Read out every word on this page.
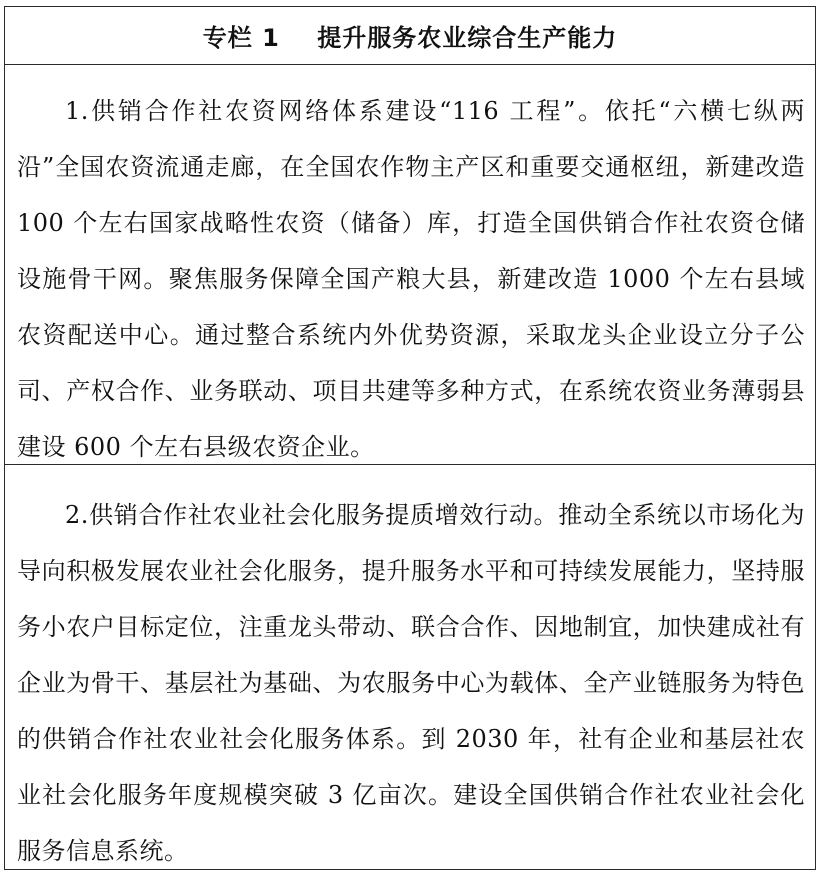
专栏 1    提升服务农业综合生产能力

1.供销合作社农资网络体系建设“116 工程”。依托“六横七纵两沿”全国农资流通走廊，在全国农作物主产区和重要交通枢纽，新建改造 100 个左右国家战略性农资（储备）库，打造全国供销合作社农资仓储设施骨干网。聚焦服务保障全国产粮大县，新建改造 1000 个左右县域农资配送中心。通过整合系统内外优势资源，采取龙头企业设立分子公司、产权合作、业务联动、项目共建等多种方式，在系统农资业务薄弱县建设 600 个左右县级农资企业。

2.供销合作社农业社会化服务提质增效行动。推动全系统以市场化为导向积极发展农业社会化服务，提升服务水平和可持续发展能力，坚持服务小农户目标定位，注重龙头带动、联合合作、因地制宜，加快建成社有企业为骨干、基层社为基础、为农服务中心为载体、全产业链服务为特色的供销合作社农业社会化服务体系。到 2030 年，社有企业和基层社农业社会化服务年度规模突破 3 亿亩次。建设全国供销合作社农业社会化服务信息系统。
